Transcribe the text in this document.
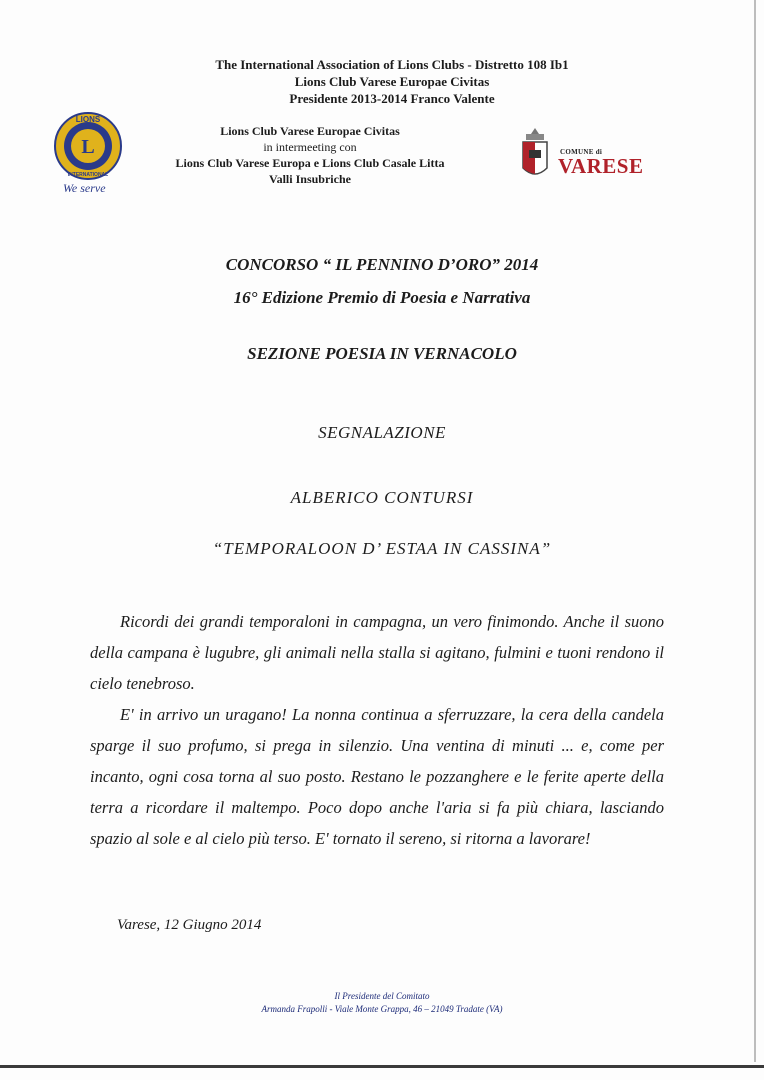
The International Association of Lions Clubs - Distretto 108 Ib1
Lions Club Varese Europae Civitas
Presidente 2013-2014 Franco Valente
L
LIONS
INTERNATIONAL
We serve
Lions Club Varese Europae Civitas
in intermeeting con
Lions Club Varese Europa e Lions Club Casale Litta
Valli Insubriche
COMUNE di
VARESE
CONCORSO “ IL PENNINO D’ORO” 2014
16° Edizione Premio di Poesia e Narrativa
SEZIONE POESIA IN VERNACOLO
SEGNALAZIONE
ALBERICO CONTURSI
“TEMPORALOON D’ ESTAA IN CASSINA”

Ricordi dei grandi temporaloni in campagna, un vero finimondo. Anche il suono della campana è lugubre, gli animali nella stalla si agitano, fulmini e tuoni rendono il cielo tenebroso.

E' in arrivo un uragano! La nonna continua a sferruzzare, la cera della candela sparge il suo profumo, si prega in silenzio. Una ventina di minuti ... e, come per incanto, ogni cosa torna al suo posto. Restano le pozzanghere e le ferite aperte della terra a ricordare il maltempo. Poco dopo anche l'aria si fa più chiara, lasciando spazio al sole e al cielo più terso. E' tornato il sereno, si ritorna a lavorare!

Varese, 12 Giugno 2014
Il Presidente del Comitato
Armanda Frapolli - Viale Monte Grappa, 46 – 21049 Tradate (VA)
